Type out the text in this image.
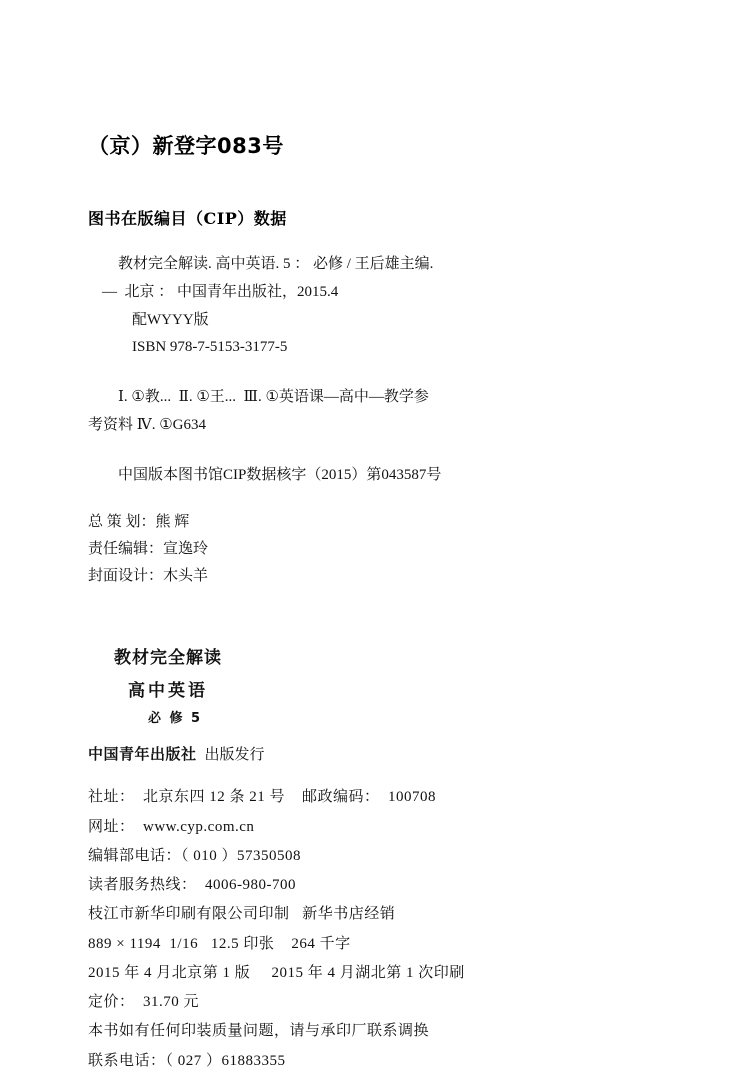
（京）新登字083号
图书在版编目（CIP）数据

教材完全解读. 高中英语. 5 ： 必修 / 王后雄主编.

—  北京 ： 中国青年出版社，2015.4

配WYYY版

ISBN 978-7-5153-3177-5

Ⅰ. ①教...  Ⅱ. ①王...  Ⅲ. ①英语课—高中—教学参

考资料 Ⅳ. ①G634

中国版本图书馆CIP数据核字（2015）第043587号

总 策 划：熊 辉

责任编辑：宣逸玲

封面设计：木头羊

教材完全解读

高中英语

必 修 5

中国青年出版社 出版发行

社址：  北京东四 12 条 21 号    邮政编码：  100708

网址：  www.cyp.com.cn

编辑部电话：（ 010 ）57350508

读者服务热线：  4006-980-700

枝江市新华印刷有限公司印制   新华书店经销

889 × 1194  1/16   12.5 印张    264 千字

2015 年 4 月北京第 1 版     2015 年 4 月湖北第 1 次印刷

定价：  31.70 元

本书如有任何印装质量问题，请与承印厂联系调换

联系电话：（ 027 ）61883355
